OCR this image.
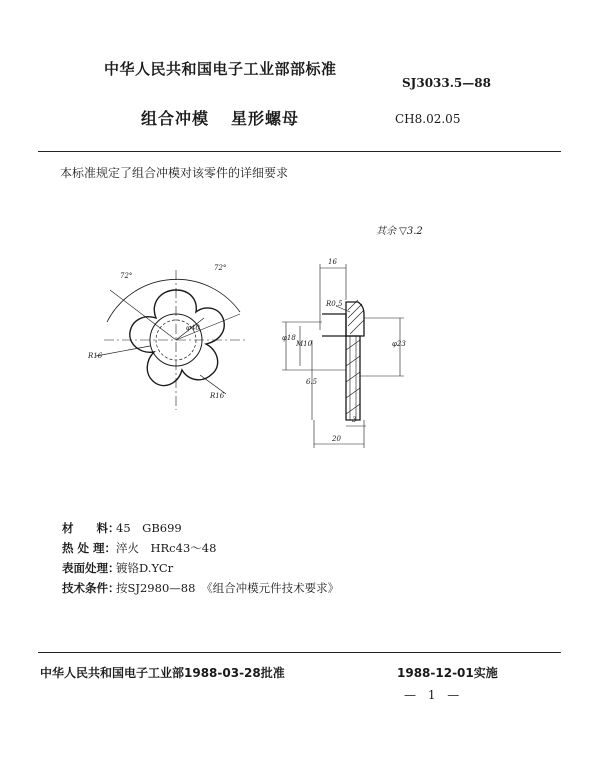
中华人民共和国电子工业部部标准
SJ3033.5—88
组合冲模 星形螺母	CH8.02.05
本标准规定了组合冲模对该零件的详细要求
其余 ▽3.2
72°
72°
φ40
R16
R16
16
R0.5
φ18
M10	φ23
6.5
3
20
材　　料：45　GB699
热 处 理：淬火　HRc43～48
表面处理：镀铬D.YCr
技术条件：按SJ2980—88　《组合冲模元件技术要求》
中华人民共和国电子工业部1988-03-28批准	1988-12-01实施
— 1 —
